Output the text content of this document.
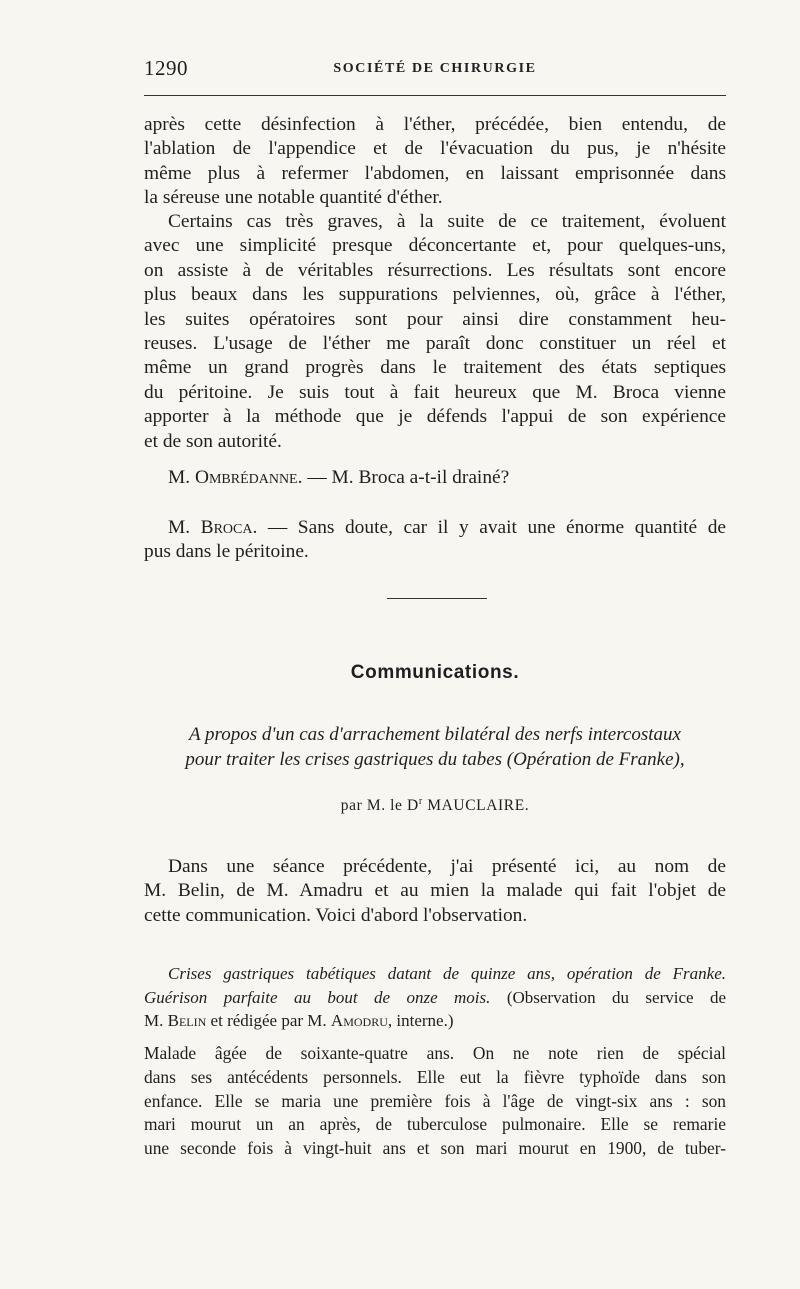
1290	SOCIÉTÉ DE CHIRURGIE
après cette désinfection à l'éther, précédée, bien entendu, de
l'ablation de l'appendice et de l'évacuation du pus, je n'hésite
même plus à refermer l'abdomen, en laissant emprisonnée dans
la séreuse une notable quantité d'éther.
Certains cas très graves, à la suite de ce traitement, évoluent
avec une simplicité presque déconcertante et, pour quelques-uns,
on assiste à de véritables résurrections. Les résultats sont encore
plus beaux dans les suppurations pelviennes, où, grâce à l'éther,
les suites opératoires sont pour ainsi dire constamment heu-
reuses. L'usage de l'éther me paraît donc constituer un réel et
même un grand progrès dans le traitement des états septiques
du péritoine. Je suis tout à fait heureux que M. Broca vienne
apporter à la méthode que je défends l'appui de son expérience
et de son autorité.
M. Ombrédanne. — M. Broca a-t-il drainé?
M. Broca. — Sans doute, car il y avait une énorme quantité de
pus dans le péritoine.
Communications.
A propos d'un cas d'arrachement bilatéral des nerfs intercostaux
pour traiter les crises gastriques du tabes (Opération de Franke),
par M. le $D^r$ MAUCLAIRE.
Dans une séance précédente, j'ai présenté ici, au nom de
M. Belin, de M. Amadru et au mien la malade qui fait l'objet de
cette communication. Voici d'abord l'observation.
Crises gastriques tabétiques datant de quinze ans, opération de Franke.
Guérison parfaite au bout de onze mois. (Observation du service de
M. Belin et rédigée par M. Amodru, interne.)
Malade âgée de soixante-quatre ans. On ne note rien de spécial
dans ses antécédents personnels. Elle eut la fièvre typhoïde dans son
enfance. Elle se maria une première fois à l'âge de vingt-six ans : son
mari mourut un an après, de tuberculose pulmonaire. Elle se remarie
une seconde fois à vingt-huit ans et son mari mourut en 1900, de tuber-
